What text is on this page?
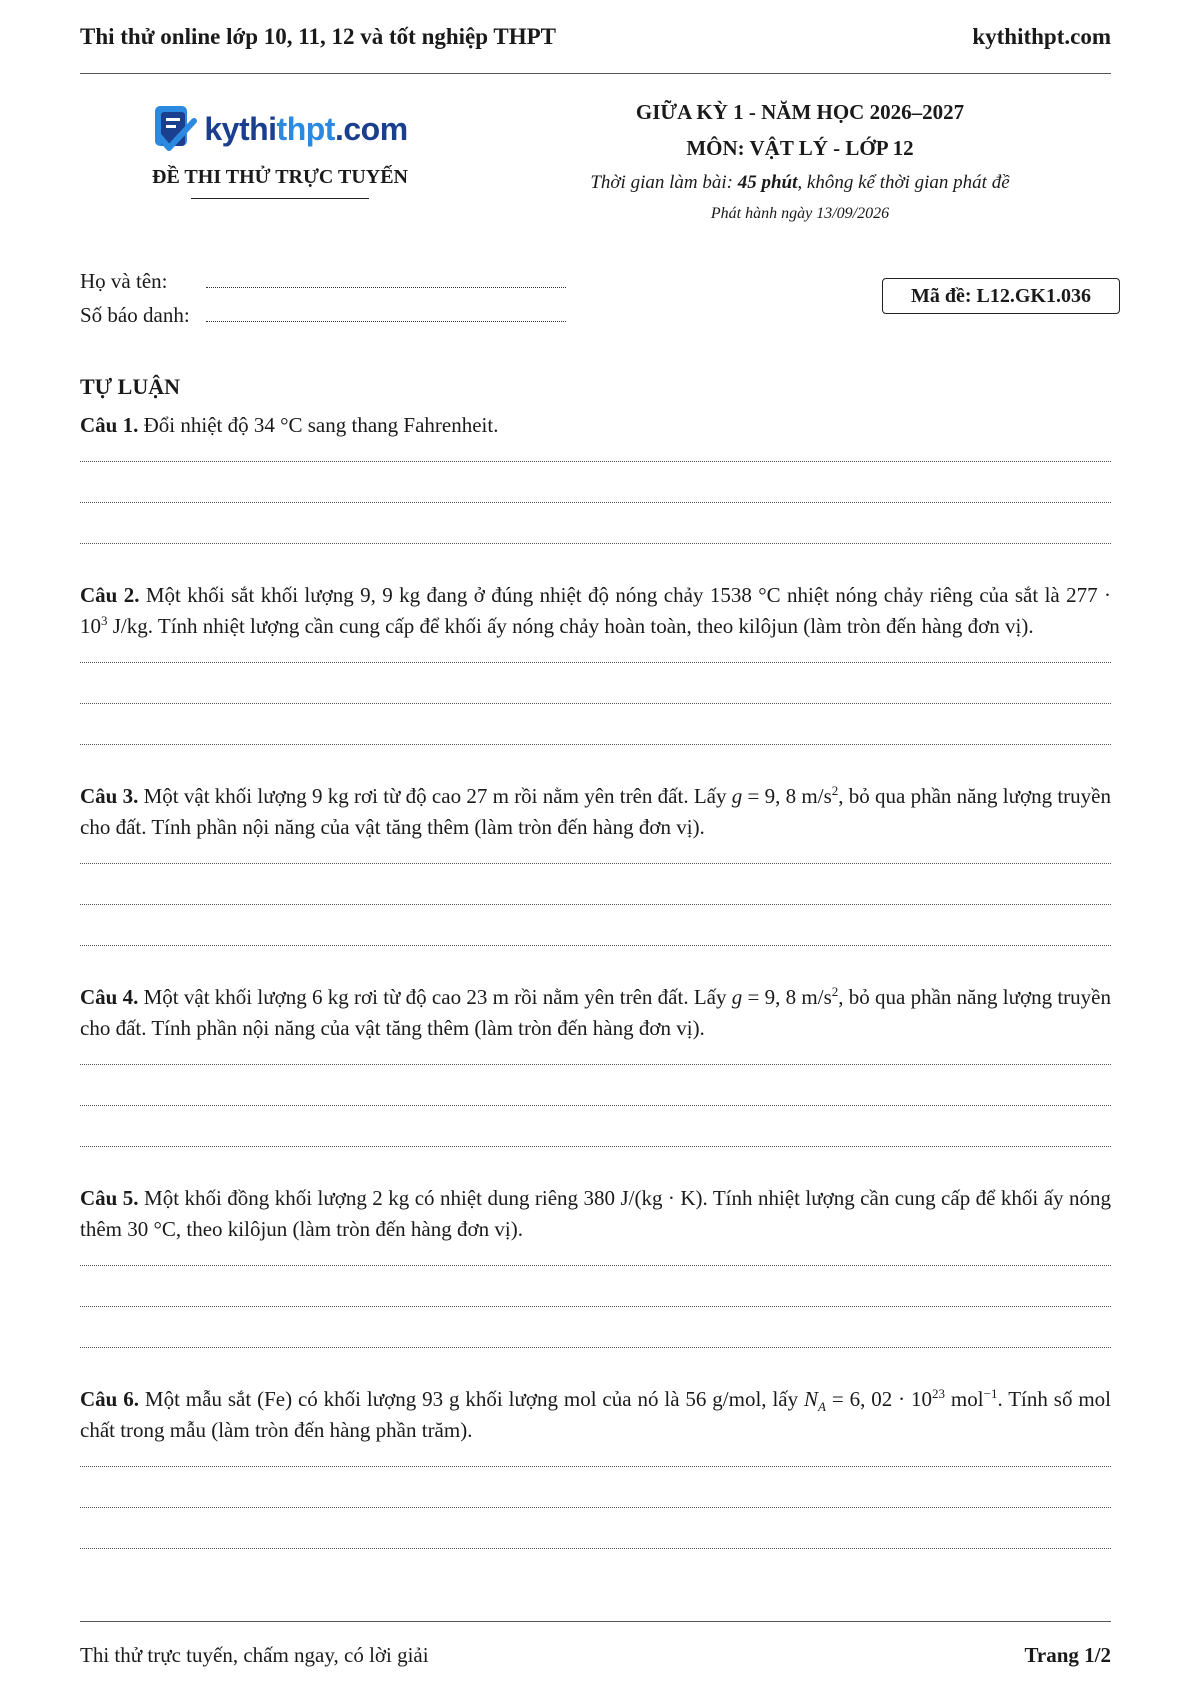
Thi thử online lớp 10, 11, 12 và tốt nghiệp THPT	kythithpt.com
kythithpt.com
ĐỀ THI THỬ TRỰC TUYẾN
GIỮA KỲ 1 - NĂM HỌC 2026–2027
MÔN: VẬT LÝ - LỚP 12
Thời gian làm bài: 45 phút, không kể thời gian phát đề
Phát hành ngày 13/09/2026
Họ và tên:
Số báo danh:
Mã đề: L12.GK1.036
TỰ LUẬN
Câu 1. Đổi nhiệt độ 34 °C sang thang Fahrenheit.
Câu 2. Một khối sắt khối lượng 9, 9 kg đang ở đúng nhiệt độ nóng chảy 1538 °C nhiệt nóng chảy riêng của sắt là $277 \cdot 10^3$ J/kg. Tính nhiệt lượng cần cung cấp để khối ấy nóng chảy hoàn toàn, theo kilôjun (làm tròn đến hàng đơn vị).
Câu 3. Một vật khối lượng 9 kg rơi từ độ cao 27 m rồi nằm yên trên đất. Lấy g = 9, 8 $m/s^2$, bỏ qua phần năng lượng truyền cho đất. Tính phần nội năng của vật tăng thêm (làm tròn đến hàng đơn vị).
Câu 4. Một vật khối lượng 6 kg rơi từ độ cao 23 m rồi nằm yên trên đất. Lấy g = 9, 8 $m/s^2$, bỏ qua phần năng lượng truyền cho đất. Tính phần nội năng của vật tăng thêm (làm tròn đến hàng đơn vị).
Câu 5. Một khối đồng khối lượng 2 kg có nhiệt dung riêng 380 J/(kg · K). Tính nhiệt lượng cần cung cấp để khối ấy nóng thêm 30 °C, theo kilôjun (làm tròn đến hàng đơn vị).
Câu 6. Một mẫu sắt (Fe) có khối lượng 93 g khối lượng mol của nó là 56 g/mol, lấy $N_A = 6$, $02 \cdot 10^{23}$ mol$^{-1}$. Tính số mol chất trong mẫu (làm tròn đến hàng phần trăm).
Thi thử trực tuyến, chấm ngay, có lời giải	Trang 1/2
